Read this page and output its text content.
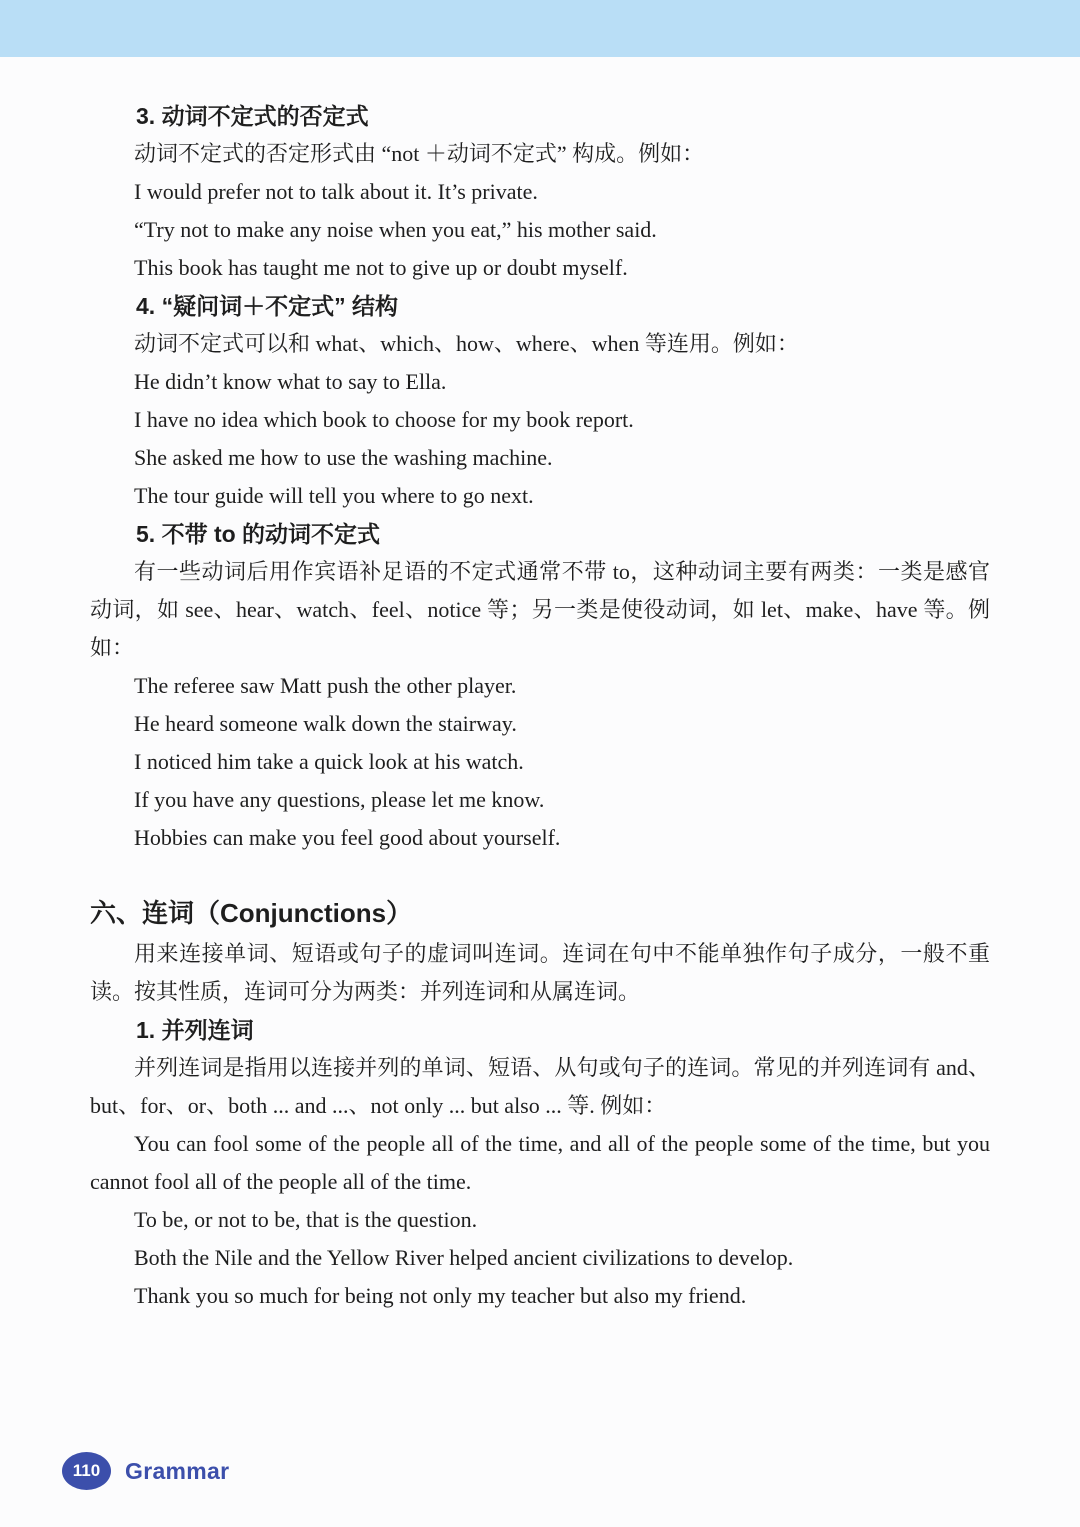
3. 动词不定式的否定式

动词不定式的否定形式由 “not ＋动词不定式” 构成。例如：

I would prefer not to talk about it. It’s private.

“Try not to make any noise when you eat,” his mother said.

This book has taught me not to give up or doubt myself.

4. “疑问词＋不定式” 结构

动词不定式可以和 what、which、how、where、when 等连用。例如：

He didn’t know what to say to Ella.

I have no idea which book to choose for my book report.

She asked me how to use the washing machine.

The tour guide will tell you where to go next.

5. 不带 to 的动词不定式

有一些动词后用作宾语补足语的不定式通常不带 to，这种动词主要有两类：一类是感官动词，如 see、hear、watch、feel、notice 等；另一类是使役动词，如 let、make、have 等。例如：

The referee saw Matt push the other player.

He heard someone walk down the stairway.

I noticed him take a quick look at his watch.

If you have any questions, please let me know.

Hobbies can make you feel good about yourself.

六、连词（Conjunctions）

用来连接单词、短语或句子的虚词叫连词。连词在句中不能单独作句子成分，一般不重读。按其性质，连词可分为两类：并列连词和从属连词。

1. 并列连词

并列连词是指用以连接并列的单词、短语、从句或句子的连词。常见的并列连词有 and、but、for、or、both ... and ...、not only ... but also ... 等. 例如：

You can fool some of the people all of the time, and all of the people some of the time, but you cannot fool all of the people all of the time.

To be, or not to be, that is the question.

Both the Nile and the Yellow River helped ancient civilizations to develop.

Thank you so much for being not only my teacher but also my friend.

110	Grammar
